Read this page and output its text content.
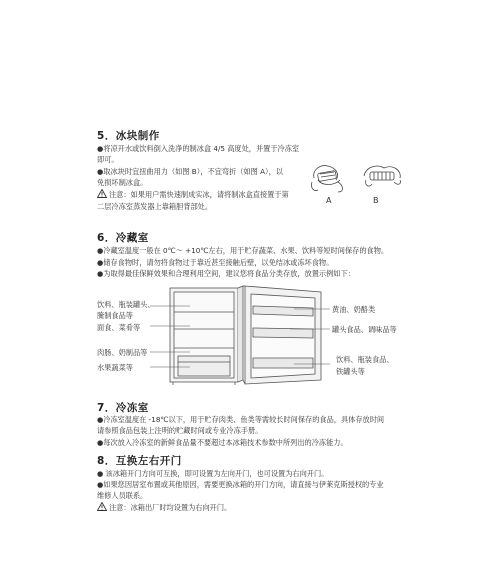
5．冰块制作
●将凉开水或饮料倒入洗净的制冰盒 4/5 高度处，并置于冷冻室
即可。
●取冰块时宜扭曲用力（如图 B），不宜弯折（如图 A），以
免损坏制冰盒。
注意：如果用户需快速制成实冰，请将制冰盒直接置于第
二层冷冻室蒸发器上靠箱胆背部处。
A	B
6．冷藏室
●冷藏室温度一般在 0℃～ +10℃左右，用于贮存蔬菜、水果、饮料等短时间保存的食物。
●储存食物时，请勿将食物过于靠近甚至接触后壁，以免结冰或冻坏食物。
●为取得最佳保鲜效果和合理利用空间，建议您将食品分类存放，放置示例如下：
饮料、瓶装罐头、
腌制食品等
面食、菜肴等
肉肠、奶制品等
水果蔬菜等
黄油、奶酪类
罐头食品、调味品等
饮料、瓶装食品、
铁罐头等
7．冷冻室
●冷冻室温度在 -18℃以下，用于贮存肉类、鱼类等需较长时间保存的食品，具体存放时间
请参照食品包装上注明的贮藏时间或专业冷冻手册。
●每次放入冷冻室的新鲜食品量不要超过本冰箱技术参数中所列出的冷冻能力。
8．互换左右开门
● 该冰箱开门方向可互换，即可设置为左向开门，也可设置为右向开门。
●如果您因居室布置或其他原因，需要更换冰箱的开门方向，请直接与伊莱克斯授权的专业
维修人员联系。
注意：冰箱出厂时均设置为右向开门。
